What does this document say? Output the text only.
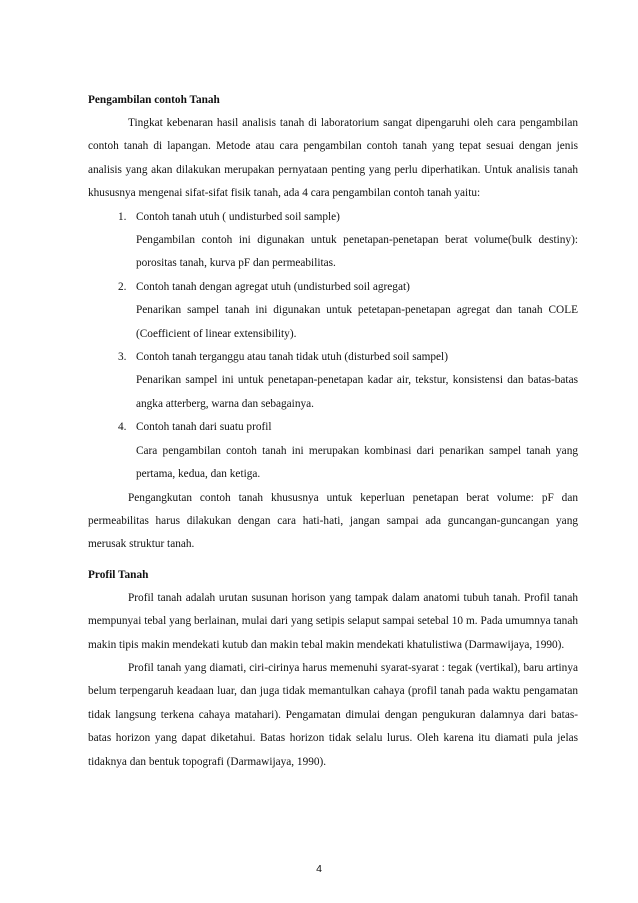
Pengambilan contoh Tanah

Tingkat kebenaran hasil analisis tanah di laboratorium sangat dipengaruhi oleh cara pengambilan contoh tanah di lapangan. Metode atau cara pengambilan contoh tanah yang tepat sesuai dengan jenis analisis yang akan dilakukan merupakan pernyataan penting yang perlu diperhatikan. Untuk analisis tanah khususnya mengenai sifat-sifat fisik tanah, ada 4 cara pengambilan contoh tanah yaitu:

1. Contoh tanah utuh ( undisturbed soil sample)
Pengambilan contoh ini digunakan untuk penetapan-penetapan berat volume(bulk destiny): porositas tanah, kurva pF dan permeabilitas.
2. Contoh tanah dengan agregat utuh (undisturbed soil agregat)
Penarikan sampel tanah ini digunakan untuk petetapan-penetapan agregat dan tanah COLE (Coefficient of linear extensibility).
3. Contoh tanah terganggu atau tanah tidak utuh (disturbed soil sampel)
Penarikan sampel ini untuk penetapan-penetapan kadar air, tekstur, konsistensi dan batas-batas angka atterberg, warna dan sebagainya.
4. Contoh tanah dari suatu profil
Cara pengambilan contoh tanah ini merupakan kombinasi dari penarikan sampel tanah yang pertama, kedua, dan ketiga.

Pengangkutan contoh tanah khususnya untuk keperluan penetapan berat volume: pF dan permeabilitas harus dilakukan dengan cara hati-hati, jangan sampai ada guncangan-guncangan yang merusak struktur tanah.

Profil Tanah

Profil tanah adalah urutan susunan horison yang tampak dalam anatomi tubuh tanah. Profil tanah mempunyai tebal yang berlainan, mulai dari yang setipis selaput sampai setebal 10 m. Pada umumnya tanah makin tipis makin mendekati kutub dan makin tebal makin mendekati khatulistiwa (Darmawijaya, 1990).

Profil tanah yang diamati, ciri-cirinya harus memenuhi syarat-syarat : tegak (vertikal), baru artinya belum terpengaruh keadaan luar, dan juga tidak memantulkan cahaya (profil tanah pada waktu pengamatan tidak langsung terkena cahaya matahari). Pengamatan dimulai dengan pengukuran dalamnya dari batas-batas horizon yang dapat diketahui. Batas horizon tidak selalu lurus. Oleh karena itu diamati pula jelas tidaknya dan bentuk topografi (Darmawijaya, 1990).

4
